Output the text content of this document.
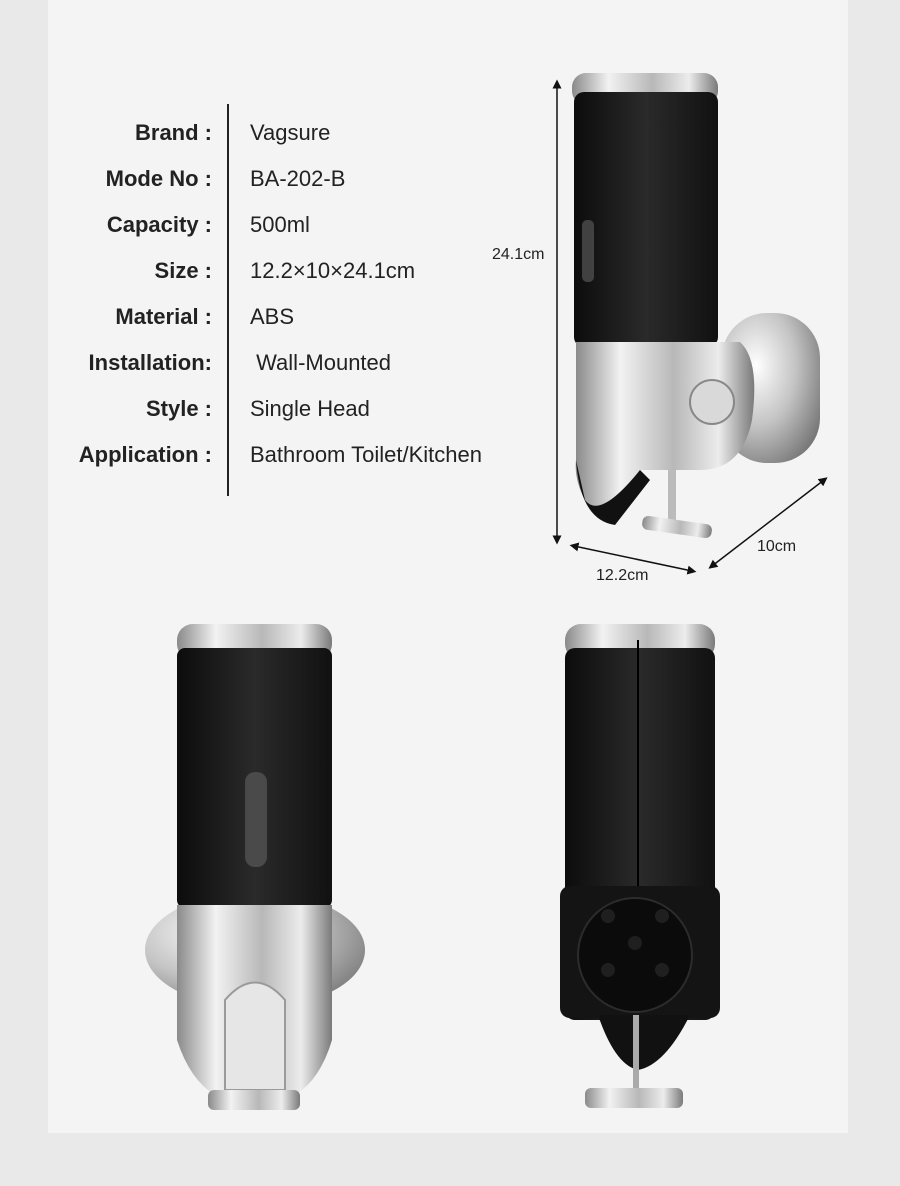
Brand : Vagsure
Mode No : BA-202-B
Capacity : 500ml
Size : 12.2×10×24.1cm
Material : ABS
Installation: Wall-Mounted
Style : Single Head
Application : Bathroom Toilet/Kitchen
24.1cm
12.2cm
10cm
